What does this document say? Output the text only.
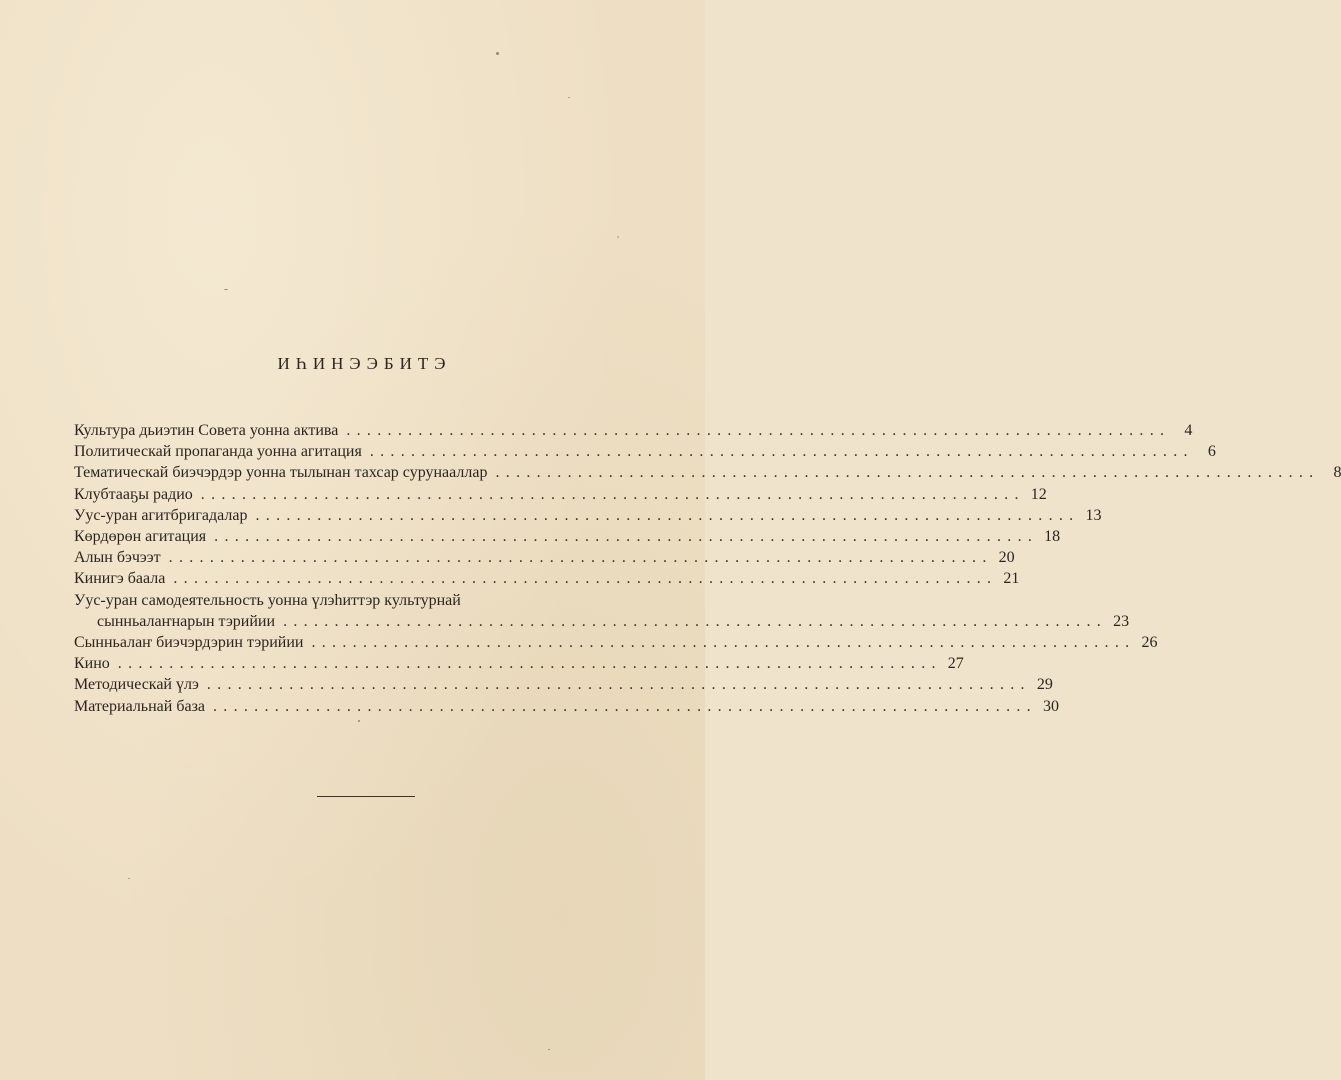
ИҺИНЭЭБИТЭ
Культура дьиэтин Совета уонна актива ................................................................................ 4
Политическай пропаганда уонна агитация ................................................................................ 6
Тематическай биэчэрдэр уонна тылынан тахсар сурунааллар ................................................................................ 8
Клубтааҕы радио ................................................................................ 12
Уус-уран агитбригадалар ................................................................................ 13
Көрдөрөн агитация ................................................................................ 18
Алын бэчээт ................................................................................ 20
Кинигэ баала ................................................................................ 21
Уус-уран самодеятельность уонна үлэһиттэр культурнай
сынньалаҥнарын тэрийии ................................................................................ 23
Сынньалаҥ биэчэрдэрин тэрийии ................................................................................ 26
Кино ................................................................................ 27
Методическай үлэ ................................................................................ 29
Материальнай база ................................................................................ 30
